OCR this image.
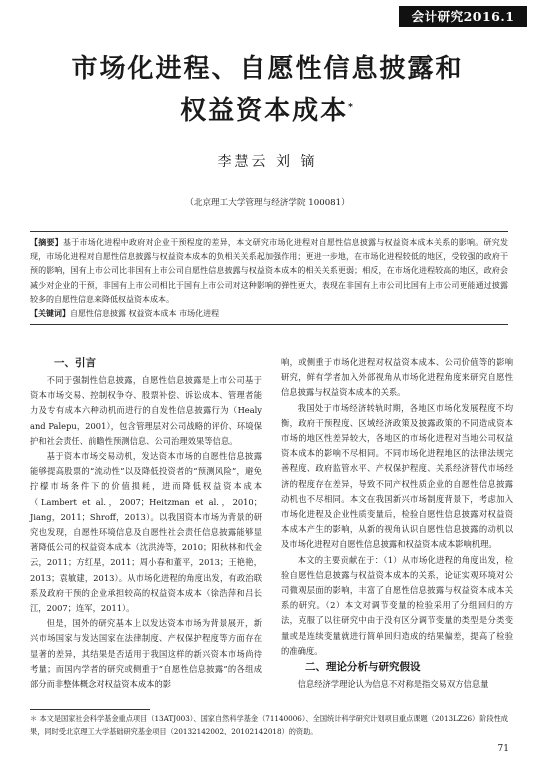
会计研究2016.1
市场化进程、自愿性信息披露和
权益资本成本*
李慧云 刘 镝
（北京理工大学管理与经济学院 100081）

【摘要】基于市场化进程中政府对企业干预程度的差异，本文研究市场化进程对自愿性信息披露与权益资本成本关系的影响。研究发现，市场化进程对自愿性信息披露与权益资本成本的负相关关系起加强作用；更进一步地，在市场化进程较低的地区，受较强的政府干预的影响，国有上市公司比非国有上市公司自愿性信息披露与权益资本成本的相关关系更弱；相反，在市场化进程较高的地区，政府会减少对企业的干预，非国有上市公司相比于国有上市公司对这种影响的弹性更大，表现在非国有上市公司比国有上市公司更能通过披露较多的自愿性信息来降低权益资本成本。

【关键词】自愿性信息披露 权益资本成本 市场化进程

一、引言

不同于强制性信息披露，自愿性信息披露是上市公司基于资本市场交易、控制权争夺、股票补偿、诉讼成本、管理者能力及专有成本六种动机而进行的自发性信息披露行为（Healy and Palepu，2001），包含管理层对公司战略的评价、环境保护和社会责任、前瞻性预测信息、公司治理效果等信息。

基于资本市场交易动机，发达资本市场的自愿性信息披露能够提高股票的“流动性”以及降低投资者的“预测风险”，避免拧檬市场条件下的价值损耗，进而降低权益资本成本（Lambert et al.，2007；Heitzman et al.，2010；Jiang，2011；Shroff，2013）。以我国资本市场为背景的研究也发现，自愿性环境信息及自愿性社会责任信息披露能够显著降低公司的权益资本成本（沈洪涛等，2010；阳秋林和代金云，2011；方红星，2011；周小春和董平，2013；王艳艳，2013；袁敏建，2013）。从市场化进程的角度出发，有政治联系及政府干预的企业承担较高的权益资本成本（徐浩萍和吕长江，2007；连军，2011）。

但是，国外的研究基本上以发达资本市场为背景展开，新兴市场国家与发达国家在法律制度、产权保护程度等方面存在显著的差异，其结果是否适用于我国这样的新兴资本市场尚待考量；而国内学者的研究或侧重于“自愿性信息披露”的各组成部分而非整体概念对权益资本成本的影

响，或侧重于市场化进程对权益资本成本、公司价值等的影响研究，鲜有学者加入外部视角从市场化进程角度来研究自愿性信息披露与权益资本成本的关系。

我国处于市场经济转轨时期，各地区市场化发展程度不均衡，政府干预程度、区域经济政策及披露政策的不同造成资本市场的地区性差异较大，各地区的市场化进程对当地公司权益资本成本的影响不尽相同。不同市场化进程地区的法律法规完善程度、政府监管水平、产权保护程度、关系经济替代市场经济的程度存在差异，导致不同产权性质企业的自愿性信息披露动机也不尽相同。本文在我国新兴市场制度背景下，考虑加入市场化进程及企业性质变量后，检验自愿性信息披露对权益资本成本产生的影响，从新的视角认识自愿性信息披露的动机以及市场化进程对自愿性信息披露和权益资本成本影响机理。

本文的主要贡献在于：（1）从市场化进程的角度出发，检验自愿性信息披露与权益资本成本的关系，论证实观环境对公司微观层面的影响，丰富了自愿性信息披露与权益资本成本关系的研究。（2）本文对调节变量的检验采用了分组回归的方法，克服了以往研究中由于没有区分调节变量的类型是分类变量或是连续变量就进行简单回归造成的结果偏差，提高了检验的准确度。

二、理论分析与研究假设

信息经济学理论认为信息不对称是指交易双方信息量

＊ 本文是国家社会科学基金重点项目（13ATJ003）、国家自然科学基金（71140006）、全国统计科学研究计划项目重点课题（2013LZ26）阶段性成果，同时受北京理工大学基础研究基金项目（20132142002、20102142018）的资助。

71
